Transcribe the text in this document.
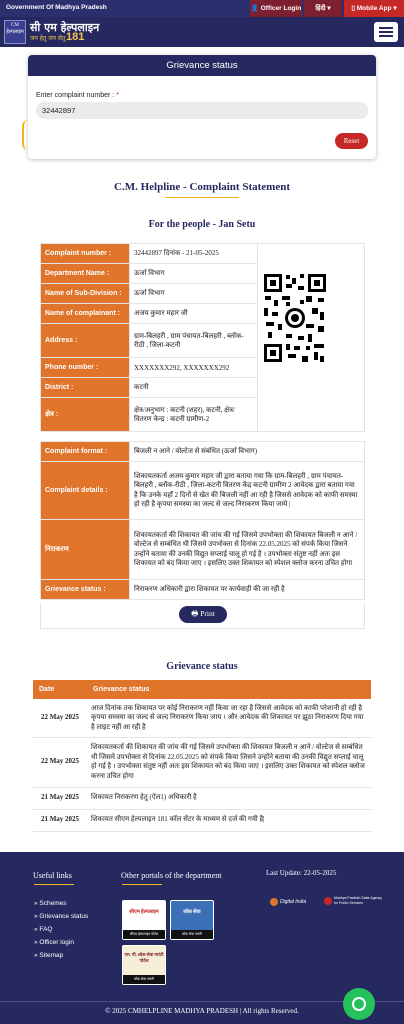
Government Of Madhya Pradesh	👤 Officer Login	हिंदी ▾	▯ Mobile App ▾
CM हेल्पलाइन सी एम हेल्पलाइन
जन हेतु जन सेतु 181
Grievance status
Enter complaint number : *
32442897
Reset
C.M. Helpline - Complaint Statement
For the people - Jan Setu
Complaint number :	32442897 दिनांक - 21-05-2025	
Department Name :	ऊर्जा विभाग	
Name of Sub-Division :	ऊर्जा विभाग	
Name of complainant :	अजय कुमार महार जी	
Address :	ग्राम-बिलहरी , ग्राम पंचायत-बिलहरी , ब्लॉक-रीठी , जिला-कटनी	
Phone number :	XXXXXXX292, XXXXXXX292	
District :	कटनी	
क्षेत्र :	क्षेत्र/अनुभाग : कटनी (शहर), कटनी, क्षेत्र/ वितरण केन्द्र : कटनी ग्रामीण-2	
Complaint format :	बिजली न आने / वोल्टेज से संबंधित (ऊर्जा विभाग)
Complaint details :	शिकायतकर्ता अजय कुमार महार जी द्वारा बताया गया कि ग्राम-बिलहरी , ग्राम पंचायत-बिलहरी , ब्लॉक-रीठी , जिला-कटनी वितरण केंद्र कटनी ग्रामीण 2 आवेदक द्वारा बताया गया है कि उनके यहाँ 2 दिनों से खेत की बिजली नहीं आ रही है जिससे आवेदक को काफी समस्या हो रही है कृपया समस्या का जल्द से जल्द निराकरण किया जाये |
निराकरण	शिकायतकर्ता की शिकायत की जांच की गई जिसमे उपभोक्ता की शिकायत बिजली न आने / वोल्टेज से सम्बंधित थी जिसमे उपभोक्ता से दिनांक 22.05.2025 को संपर्क किया जिसने उन्होंने बताया की उनकी विद्युत सप्लाई चालू हो गई है । उपभोक्ता संतुष्ट नहीं अतः इस शिकायत को बंद किया जाए । इसलिए उक्त शिकायत को स्पेशल क्लोज करना उचित होगा
Grievance status :	निराकरण अधिकारी द्वारा शिकायत पर कार्यवाही की जा रही है
🖶 Print
Grievance status
Date	Grievance status
22 May 2025	आज दिनांक तक शिकायत पर कोई निराकरण नहीं किया जा रहा है जिससे आवेदक को काफी परेशानी हो रही है कृपया समस्या का जल्द से जल्द निराकरण किया जाय । और आवेदक की शिकायत पर झूठा निराकरण दिया गया है लाइट नहीं आ रही है
22 May 2025	शिकायतकर्ता की शिकायत की जांच की गई जिसमे उपभोक्ता की शिकायत बिजली न आने / वोल्टेज से सम्बंधित थी जिसमे उपभोक्ता से दिनांक 22.05.2025 को संपर्क किया जिसने उन्होंने बताया की उनकी विद्युत सप्लाई चालू हो गई है । उपभोक्ता संतुष्ट नहीं अतः इस शिकायत को बंद किया जाए । इसलिए उक्त शिकायत को स्पेशल क्लोज करना उचित होगा
21 May 2025	शिकायत निराकरण हेतु (ऐल1) अधिकारी है
21 May 2025	शिकायत सीएम हेल्पलाइन 181 कॉल सेंटर के माध्यम से दर्ज की गयी है|
Useful links	Other portals of the department	Last Update: 22-05-2025
» Schemes
» Grievance status
» FAQ
» Officer login
» Sitemap
सीएम हेल्पलाइन
सीएम हेल्पलाइन पोर्टल
लोक सेवा
लोक सेवा गारंटी
एम. पी. लोक सेवा गारंटी पोर्टल
लोक सेवा गारंटी
Digital India
Madhya Pradesh State Agency for Public Services
© 2025 CMHELPLINE MADHYA PRADESH | All rights Reserved.
